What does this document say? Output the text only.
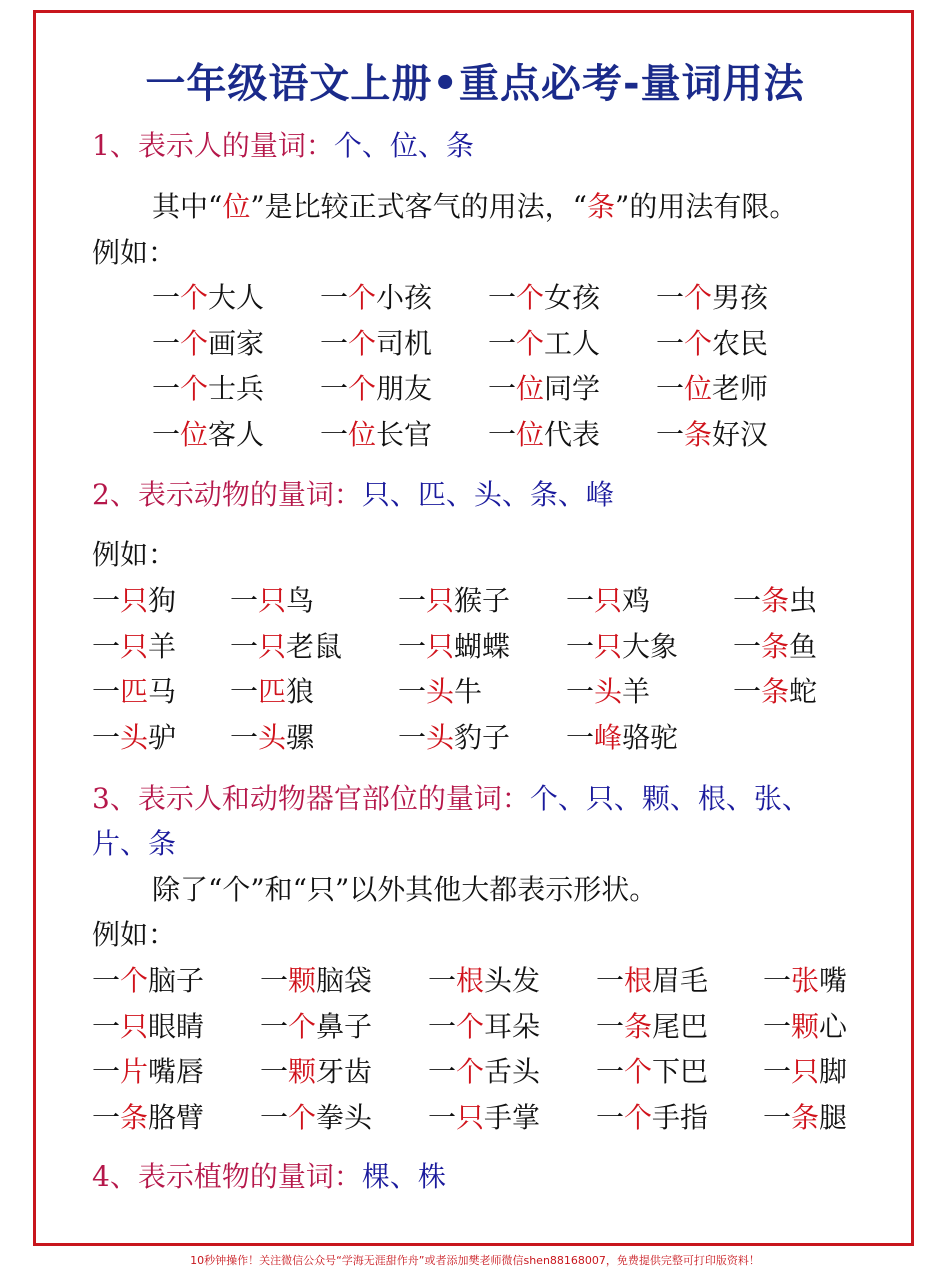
一年级语文上册•重点必考-量词用法
1、表示人的量词：个、位、条
其中“位”是比较正式客气的用法，“条”的用法有限。
例如：
一个大人 一个小孩 一个女孩 一个男孩
一个画家 一个司机 一个工人 一个农民
一个士兵 一个朋友 一位同学 一位老师
一位客人 一位长官 一位代表 一条好汉
2、表示动物的量词：只、匹、头、条、峰
例如：
一只狗 一只鸟	一只猴子 一只鸡	一条虫
一只羊 一只老鼠 一只蝴蝶 一只大象 一条鱼
一匹马 一匹狼	一头牛	一头羊	一条蛇
一头驴 一头骡	一头豹子 一峰骆驼
3、表示人和动物器官部位的量词：个、只、颗、根、张、
片、条
除了“个”和“只”以外其他大都表示形状。
例如：
一个脑子 一颗脑袋 一根头发 一根眉毛 一张嘴
一只眼睛 一个鼻子 一个耳朵 一条尾巴 一颗心
一片嘴唇 一颗牙齿 一个舌头 一个下巴 一只脚
一条胳臂 一个拳头 一只手掌 一个手指 一条腿
4、表示植物的量词：棵、株
10秒钟操作！关注微信公众号“学海无涯甜作舟”或者添加樊老师微信shen88168007，免费提供完整可打印版资料！
